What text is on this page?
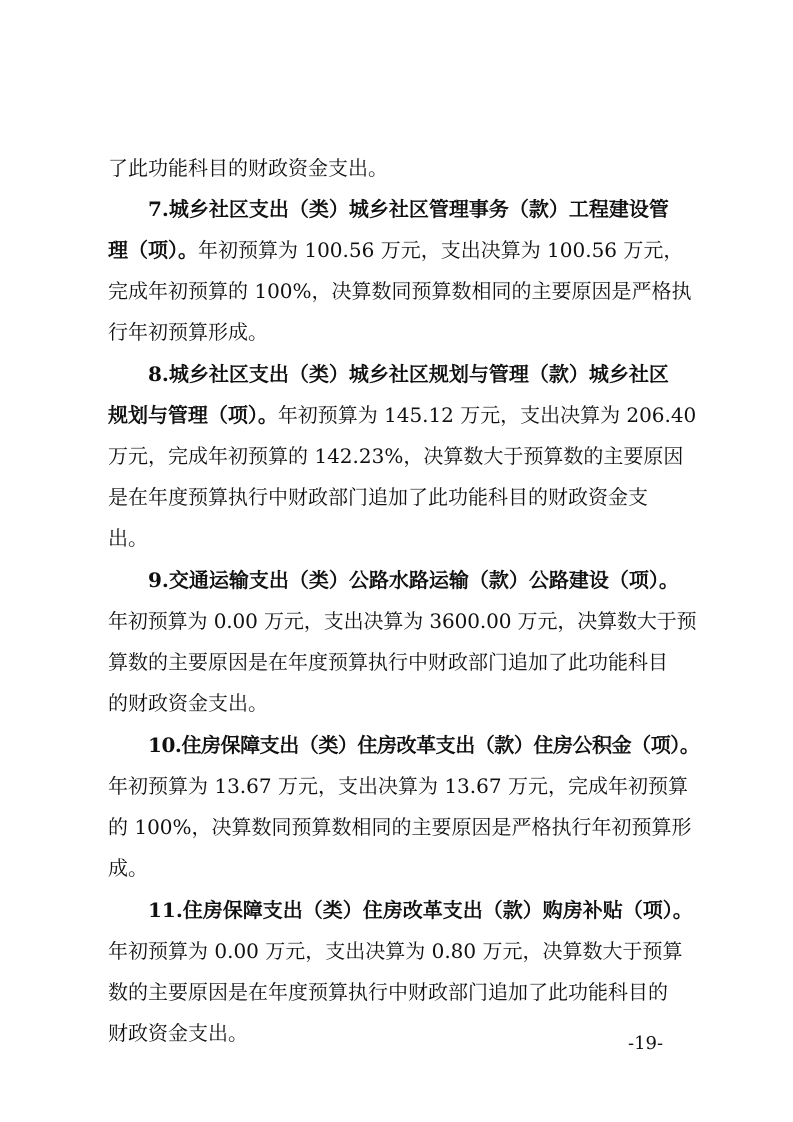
了此功能科目的财政资金支出。
7.城乡社区支出（类）城乡社区管理事务（款）工程建设管
理（项）。年初预算为 100.56 万元，支出决算为 100.56 万元，
完成年初预算的 100%，决算数同预算数相同的主要原因是严格执
行年初预算形成。
8.城乡社区支出（类）城乡社区规划与管理（款）城乡社区
规划与管理（项）。年初预算为 145.12 万元，支出决算为 206.40
万元，完成年初预算的 142.23%，决算数大于预算数的主要原因
是在年度预算执行中财政部门追加了此功能科目的财政资金支
出。
9.交通运输支出（类）公路水路运输（款）公路建设（项）。
年初预算为 0.00 万元，支出决算为 3600.00 万元，决算数大于预
算数的主要原因是在年度预算执行中财政部门追加了此功能科目
的财政资金支出。
10.住房保障支出（类）住房改革支出（款）住房公积金（项）。
年初预算为 13.67 万元，支出决算为 13.67 万元，完成年初预算
的 100%，决算数同预算数相同的主要原因是严格执行年初预算形
成。
11.住房保障支出（类）住房改革支出（款）购房补贴（项）。
年初预算为 0.00 万元，支出决算为 0.80 万元，决算数大于预算
数的主要原因是在年度预算执行中财政部门追加了此功能科目的
财政资金支出。	-19-
